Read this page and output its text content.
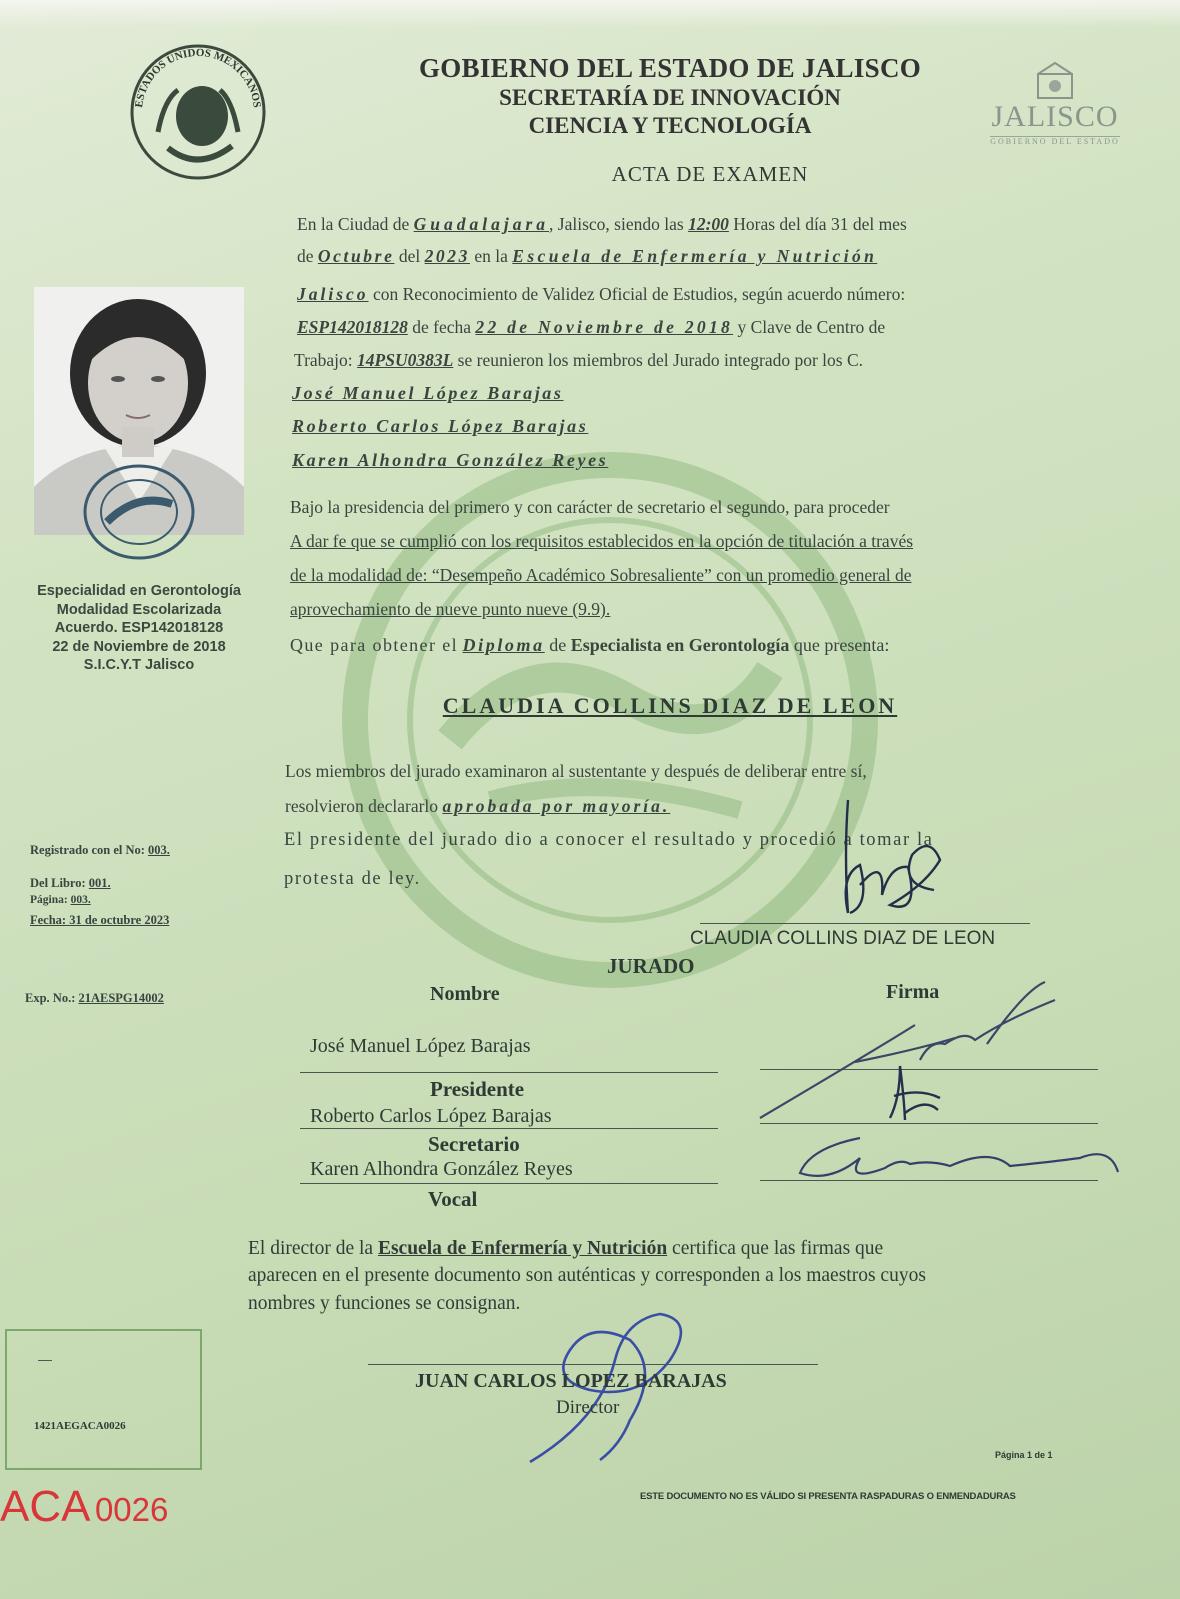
ESTADOS UNIDOS MEXICANOS
GOBIERNO DEL ESTADO DE JALISCO
SECRETARÍA DE INNOVACIÓN
CIENCIA Y TECNOLOGÍA
ACTA DE EXAMEN
JALISCO
GOBIERNO DEL ESTADO
Especialidad en Gerontología
Modalidad Escolarizada
Acuerdo. ESP142018128
22 de Noviembre de 2018
S.I.C.Y.T Jalisco
Registrado con el No: 003.
Del Libro: 001.
Página: 003.
Fecha: 31 de octubre 2023
Exp. No.: 21AESPG14002
En la Ciudad de Guadalajara, Jalisco, siendo las 12:00 Horas del día 31 del mes
de Octubre del 2023 en la Escuela de Enfermería y Nutrición
Jalisco con Reconocimiento de Validez Oficial de Estudios, según acuerdo número:
ESP142018128 de fecha 22 de Noviembre de 2018 y Clave de Centro de
Trabajo: 14PSU0383L se reunieron los miembros del Jurado integrado por los C.
José Manuel López Barajas
Roberto Carlos López Barajas
Karen Alhondra González Reyes
Bajo la presidencia del primero y con carácter de secretario el segundo, para proceder
A dar fe que se cumplió con los requisitos establecidos en la opción de titulación a través
de la modalidad de: “Desempeño Académico Sobresaliente” con un promedio general de
aprovechamiento de nueve punto nueve (9.9).
Que para obtener el Diploma de Especialista en Gerontología que presenta:
CLAUDIA COLLINS DIAZ DE LEON
Los miembros del jurado examinaron al sustentante y después de deliberar entre sí,
resolvieron declararlo aprobada por mayoría.
El presidente del jurado dio a conocer el resultado y procedió a tomar la
protesta de ley.
CLAUDIA COLLINS DIAZ DE LEON
JURADO
Nombre	Firma
José Manuel López Barajas
Presidente
Roberto Carlos López Barajas
Secretario
Karen Alhondra González Reyes
Vocal
El director de la Escuela de Enfermería y Nutrición certifica que las firmas que
aparecen en el presente documento son auténticas y corresponden a los maestros cuyos
nombres y funciones se consignan.
JUAN CARLOS LOPEZ BARAJAS
Director
Página 1 de 1
ESTE DOCUMENTO NO ES VÁLIDO SI PRESENTA RASPADURAS O ENMENDADURAS
1421AEGACA0026
ACA 0026
